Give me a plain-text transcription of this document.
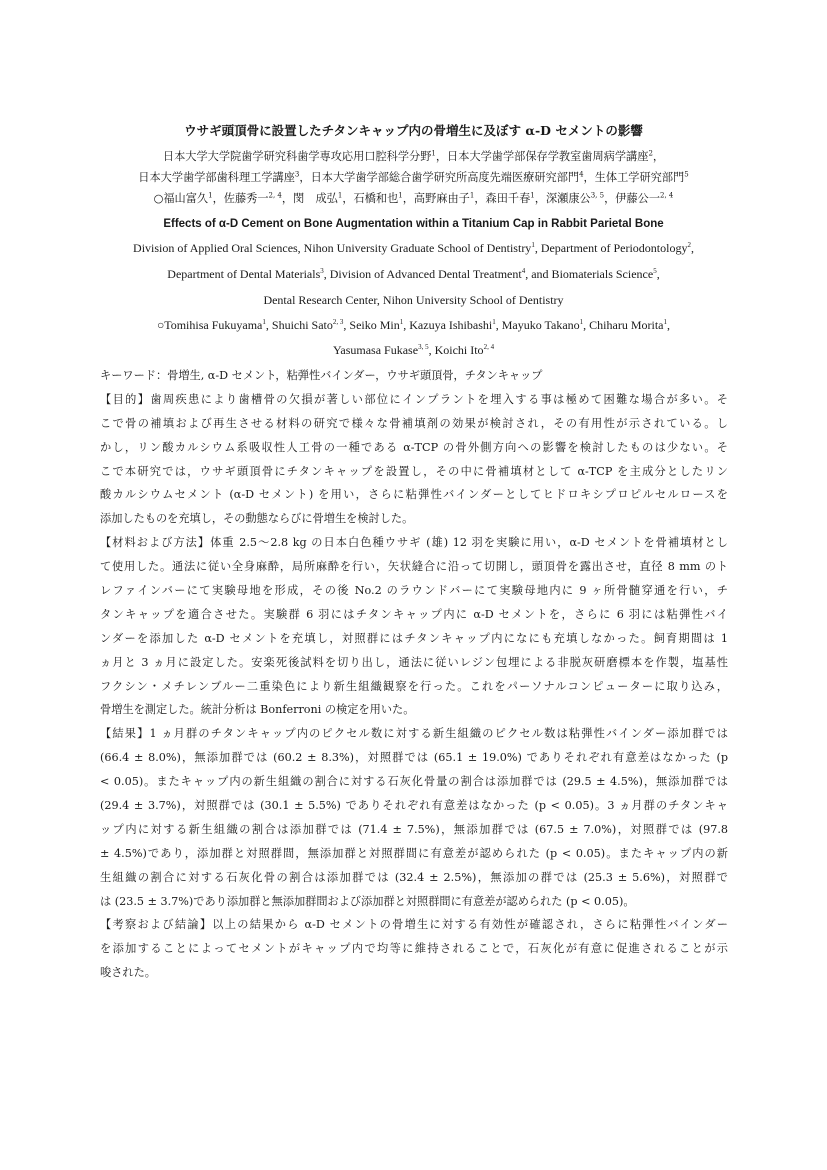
ウサギ頭頂骨に設置したチタンキャップ内の骨増生に及ぼす α-D セメントの影響
日本大学大学院歯学研究科歯学専攻応用口腔科学分野$^1$，日本大学歯学部保存学教室歯周病学講座$^2$，
日本大学歯学部歯科理工学講座$^3$，日本大学歯学部総合歯学研究所高度先端医療研究部門$^4$，生体工学研究部門$^5$
○福山富久$^1$，佐藤秀一$^{2, 4}$，閔　成弘$^1$，石橋和也$^1$，高野麻由子$^1$，森田千春$^1$，深瀬康公$^{3, 5}$，伊藤公一$^{2, 4}$
Effects of α-D Cement on Bone Augmentation within a Titanium Cap in Rabbit Parietal Bone
Division of Applied Oral Sciences, Nihon University Graduate School of Dentistry$^1$, Department of Periodontology$^2$,
Department of Dental Materials$^3$, Division of Advanced Dental Treatment$^4$, and Biomaterials Science$^5$,
Dental Research Center, Nihon University School of Dentistry
○Tomihisa Fukuyama$^1$, Shuichi Sato$^{2, 3}$, Seiko Min$^1$, Kazuya Ishibashi$^1$, Mayuko Takano$^1$, Chiharu Morita$^1$,
Yasumasa Fukase$^{3, 5}$, Koichi Ito$^{2, 4}$
キーワード：骨増生, α-D セメント，粘弾性バインダー，ウサギ頭頂骨，チタンキャップ
【目的】歯周疾患により歯槽骨の欠損が著しい部位にインプラントを埋入する事は極めて困難な場合が多い。そ
こで骨の補填および再生させる材料の研究で様々な骨補填剤の効果が検討され，その有用性が示されている。し
かし，リン酸カルシウム系吸収性人工骨の一種である α-TCP の骨外側方向への影響を検討したものは少ない。そ
こで本研究では，ウサギ頭頂骨にチタンキャップを設置し，その中に骨補填材として α-TCP を主成分としたリン
酸カルシウムセメント (α-D セメント) を用い，さらに粘弾性バインダーとしてヒドロキシプロピルセルロースを
添加したものを充填し，その動態ならびに骨増生を検討した。
【材料および方法】体重 2.5〜2.8 kg の日本白色種ウサギ (雄) 12 羽を実験に用い，α-D セメントを骨補填材とし
て使用した。通法に従い全身麻酔，局所麻酔を行い，矢状縫合に沿って切開し，頭頂骨を露出させ，直径 8 mm のト
レファインバーにて実験母地を形成，その後 No.2 のラウンドバーにて実験母地内に 9 ヶ所骨髄穿通を行い，チ
タンキャップを適合させた。実験群 6 羽にはチタンキャップ内に α-D セメントを，さらに 6 羽には粘弾性バイ
ンダーを添加した α-D セメントを充填し，対照群にはチタンキャップ内になにも充填しなかった。飼育期間は 1
ヵ月と 3 ヵ月に設定した。安楽死後試料を切り出し，通法に従いレジン包埋による非脱灰研磨標本を作製，塩基性
フクシン・メチレンブルー二重染色により新生組織観察を行った。これをパーソナルコンピューターに取り込み，
骨増生を測定した。統計分析は Bonferroni の検定を用いた。
【結果】1 ヵ月群のチタンキャップ内のピクセル数に対する新生組織のピクセル数は粘弾性バインダー添加群では
(66.4 ± 8.0%)，無添加群では (60.2 ± 8.3%)，対照群では (65.1 ± 19.0%) でありそれぞれ有意差はなかった (p
< 0.05)。またキャップ内の新生組織の割合に対する石灰化骨量の割合は添加群では (29.5 ± 4.5%)，無添加群では
(29.4 ± 3.7%)，対照群では (30.1 ± 5.5%) でありそれぞれ有意差はなかった (p < 0.05)。3 ヵ月群のチタンキャ
ップ内に対する新生組織の割合は添加群では (71.4 ± 7.5%)，無添加群では (67.5 ± 7.0%)，対照群では (97.8
± 4.5%)であり，添加群と対照群間，無添加群と対照群間に有意差が認められた (p < 0.05)。またキャップ内の新
生組織の割合に対する石灰化骨の割合は添加群では (32.4 ± 2.5%)，無添加の群では (25.3 ± 5.6%)，対照群で
は (23.5 ± 3.7%)であり添加群と無添加群間および添加群と対照群間に有意差が認められた (p < 0.05)。
【考察および結論】以上の結果から α-D セメントの骨増生に対する有効性が確認され，さらに粘弾性バインダー
を添加することによってセメントがキャップ内で均等に維持されることで，石灰化が有意に促進されることが示
唆された。
